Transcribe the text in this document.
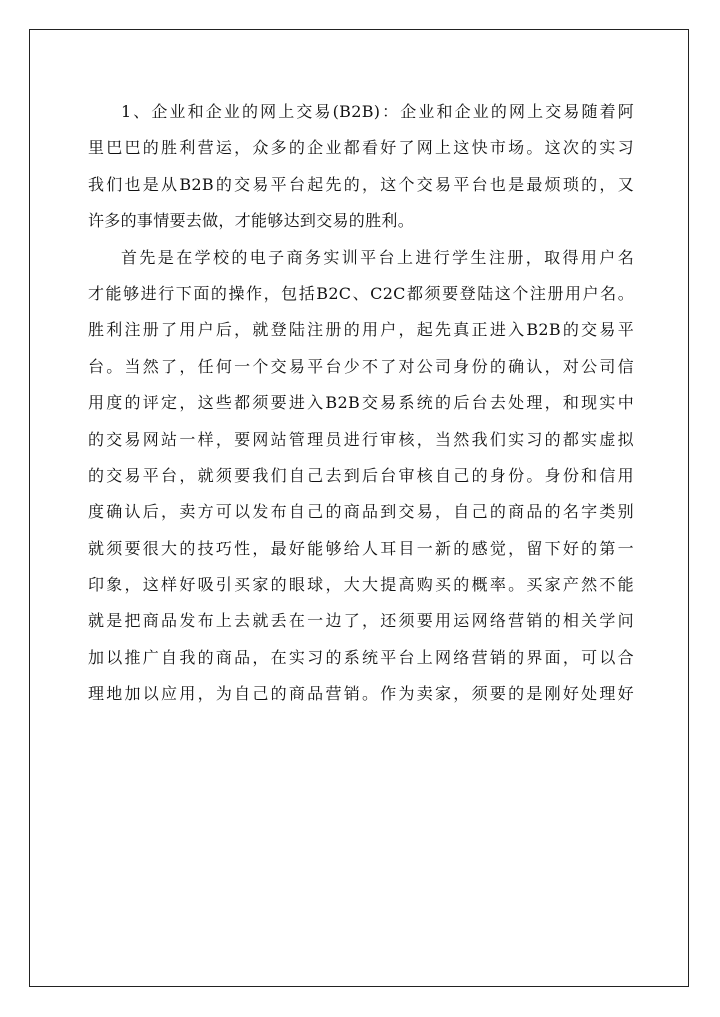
1、企业和企业的网上交易(B2B)：企业和企业的网上交易随着阿
里巴巴的胜利营运，众多的企业都看好了网上这快市场。这次的实习
我们也是从B2B的交易平台起先的，这个交易平台也是最烦琐的，又
许多的事情要去做，才能够达到交易的胜利。
首先是在学校的电子商务实训平台上进行学生注册，取得用户名
才能够进行下面的操作，包括B2C、C2C都须要登陆这个注册用户名。
胜利注册了用户后，就登陆注册的用户，起先真正进入B2B的交易平
台。当然了，任何一个交易平台少不了对公司身份的确认，对公司信
用度的评定，这些都须要进入B2B交易系统的后台去处理，和现实中
的交易网站一样，要网站管理员进行审核，当然我们实习的都实虚拟
的交易平台，就须要我们自己去到后台审核自己的身份。身份和信用
度确认后，卖方可以发布自己的商品到交易，自己的商品的名字类别
就须要很大的技巧性，最好能够给人耳目一新的感觉，留下好的第一
印象，这样好吸引买家的眼球，大大提高购买的概率。买家产然不能
就是把商品发布上去就丢在一边了，还须要用运网络营销的相关学问
加以推广自我的商品，在实习的系统平台上网络营销的界面，可以合
理地加以应用，为自己的商品营销。作为卖家，须要的是刚好处理好
